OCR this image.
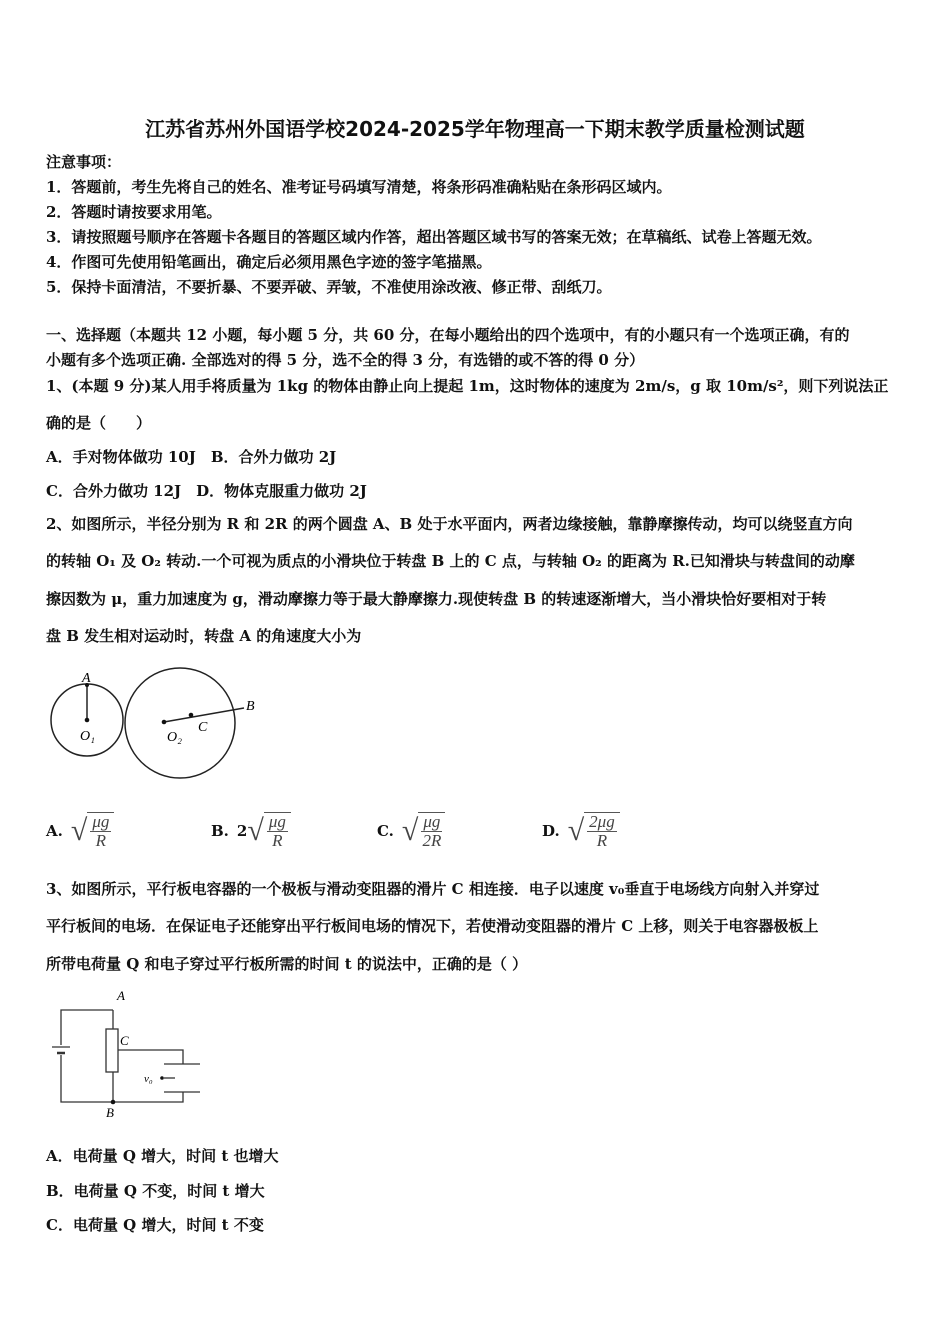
江苏省苏州外国语学校2024-2025学年物理高一下期末教学质量检测试题
注意事项：
1．答题前，考生先将自己的姓名、准考证号码填写清楚，将条形码准确粘贴在条形码区域内。
2．答题时请按要求用笔。
3．请按照题号顺序在答题卡各题目的答题区域内作答，超出答题区域书写的答案无效；在草稿纸、试卷上答题无效。
4．作图可先使用铅笔画出，确定后必须用黑色字迹的签字笔描黑。
5．保持卡面清洁，不要折暴、不要弄破、弄皱，不准使用涂改液、修正带、刮纸刀。
一、选择题（本题共 12 小题，每小题 5 分，共 60 分，在每小题给出的四个选项中，有的小题只有一个选项正确，有的
小题有多个选项正确. 全部选对的得 5 分，选不全的得 3 分，有选错的或不答的得 0 分）
1、(本题 9 分)某人用手将质量为 1kg 的物体由静止向上提起 1m，这时物体的速度为 2m/s，g 取 10m/s²，则下列说法正
确的是（　　）
A．手对物体做功 10J　B．合外力做功 2J
C．合外力做功 12J　D．物体克服重力做功 2J
2、如图所示，半径分别为 R 和 2R 的两个圆盘 A、B 处于水平面内，两者边缘接触，靠静摩擦传动，均可以绕竖直方向
的转轴 O₁ 及 O₂ 转动.一个可视为质点的小滑块位于转盘 B 上的 C 点，与转轴 O₂ 的距离为 R.已知滑块与转盘间的动摩
擦因数为 μ，重力加速度为 g，滑动摩擦力等于最大静摩擦力.现使转盘 B 的转速逐渐增大，当小滑块恰好要相对于转
盘 B 发生相对运动时，转盘 A 的角速度大小为
A
O₁	O₂
C
B
A. √ $\frac{\mu g}{R}$	B. 2 √ $\frac{\mu g}{R}$	C. √ $\frac{\mu g}{2R}$	D. √ $\frac{2\mu g}{R}$
3、如图所示，平行板电容器的一个极板与滑动变阻器的滑片 C 相连接．电子以速度 v₀垂直于电场线方向射入并穿过
平行板间的电场．在保证电子还能穿出平行板间电场的情况下，若使滑动变阻器的滑片 C 上移，则关于电容器极板上
所带电荷量 Q 和电子穿过平行板所需的时间 t 的说法中，正确的是（ ）
A
C
B
v₀
A．电荷量 Q 增大，时间 t 也增大
B．电荷量 Q 不变，时间 t 增大
C．电荷量 Q 增大，时间 t 不变
